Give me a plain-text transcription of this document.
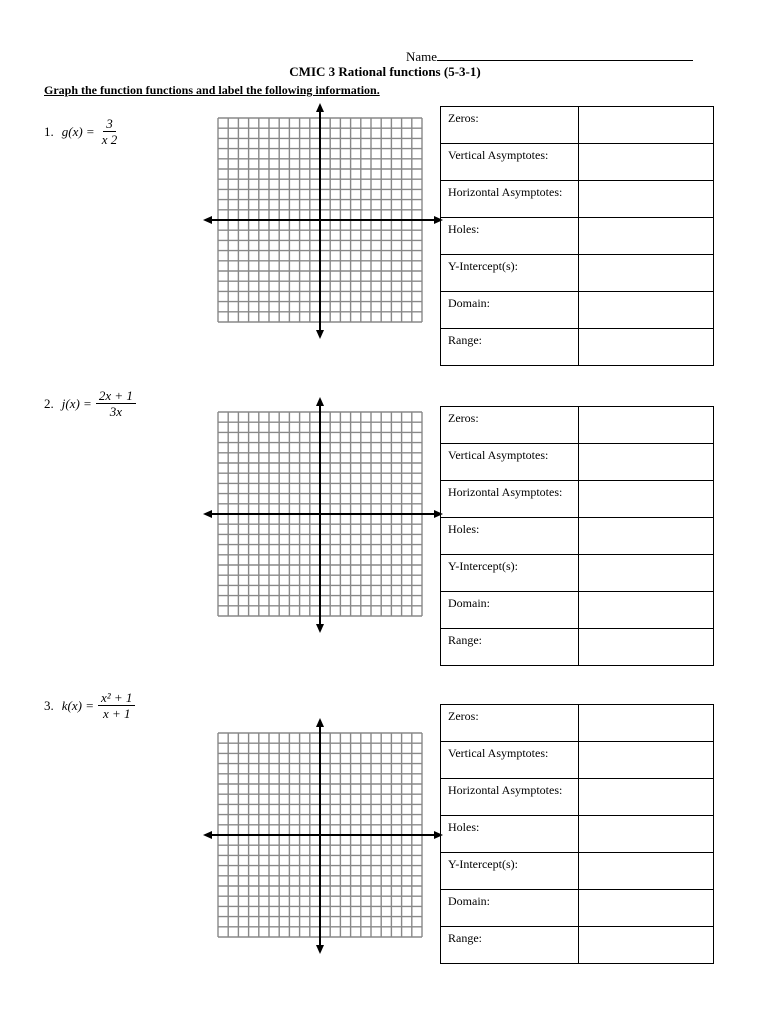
Name
CMIC 3 Rational functions (5-3-1)
Graph the function functions and label the following information.
1. $g(x) = \frac{3}{x 2}$	Zeros:	
Vertical Asymptotes:	
Horizontal Asymptotes:	
Holes:	
Y-Intercept(s):	
Domain:	
Range:	
2. $j(x) = \frac{2x + 1}{3x}$	Zeros:	
Vertical Asymptotes:	
Horizontal Asymptotes:	
Holes:	
Y-Intercept(s):	
Domain:	
Range:	
3. $k(x) = \frac{\text{x² + 1}}{x + 1}$	Zeros:	
Vertical Asymptotes:	
Horizontal Asymptotes:	
Holes:	
Y-Intercept(s):	
Domain:	
Range:	
